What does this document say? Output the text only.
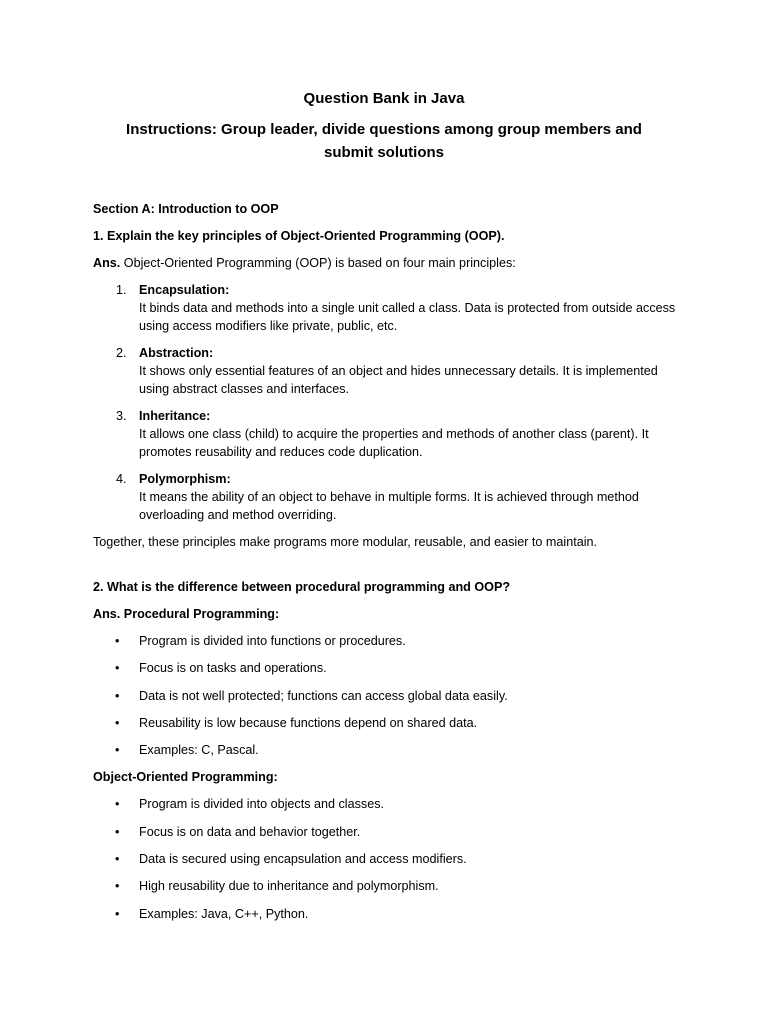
Question Bank in Java
Instructions: Group leader, divide questions among group members and submit solutions
Section A: Introduction to OOP
1. Explain the key principles of Object-Oriented Programming (OOP).
Ans. Object-Oriented Programming (OOP) is based on four main principles:
1. Encapsulation:
It binds data and methods into a single unit called a class. Data is protected from outside access using access modifiers like private, public, etc.
2. Abstraction:
It shows only essential features of an object and hides unnecessary details. It is implemented using abstract classes and interfaces.
3. Inheritance:
It allows one class (child) to acquire the properties and methods of another class (parent). It promotes reusability and reduces code duplication.
4. Polymorphism:
It means the ability of an object to behave in multiple forms. It is achieved through method overloading and method overriding.
Together, these principles make programs more modular, reusable, and easier to maintain.
2. What is the difference between procedural programming and OOP?
Ans. Procedural Programming:
• Program is divided into functions or procedures.
• Focus is on tasks and operations.
• Data is not well protected; functions can access global data easily.
• Reusability is low because functions depend on shared data.
• Examples: C, Pascal.
Object-Oriented Programming:
• Program is divided into objects and classes.
• Focus is on data and behavior together.
• Data is secured using encapsulation and access modifiers.
• High reusability due to inheritance and polymorphism.
• Examples: Java, C++, Python.
